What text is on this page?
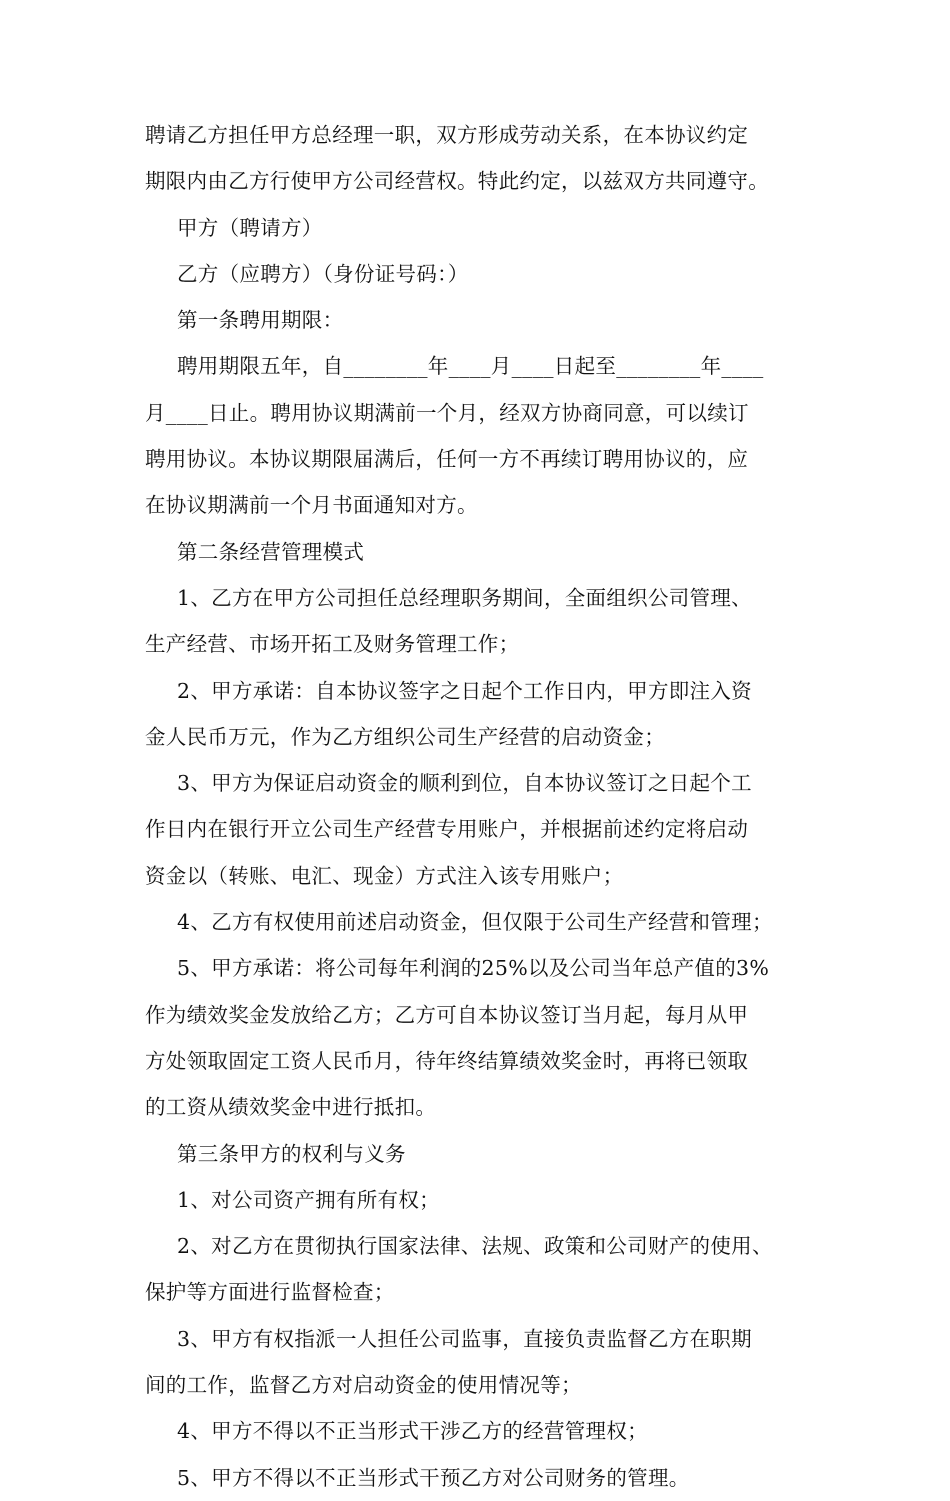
聘请乙方担任甲方总经理一职，双方形成劳动关系，在本协议约定
期限内由乙方行使甲方公司经营权。特此约定，以兹双方共同遵守。
甲方（聘请方）
乙方（应聘方）（身份证号码：）
第一条聘用期限：
聘用期限五年，自________年____月____日起至________年____
月____日止。聘用协议期满前一个月，经双方协商同意，可以续订
聘用协议。本协议期限届满后，任何一方不再续订聘用协议的，应
在协议期满前一个月书面通知对方。
第二条经营管理模式
1、乙方在甲方公司担任总经理职务期间，全面组织公司管理、
生产经营、市场开拓工及财务管理工作；
2、甲方承诺：自本协议签字之日起个工作日内，甲方即注入资
金人民币万元，作为乙方组织公司生产经营的启动资金；
3、甲方为保证启动资金的顺利到位，自本协议签订之日起个工
作日内在银行开立公司生产经营专用账户，并根据前述约定将启动
资金以（转账、电汇、现金）方式注入该专用账户；
4、乙方有权使用前述启动资金，但仅限于公司生产经营和管理；
5、甲方承诺：将公司每年利润的25%以及公司当年总产值的3%
作为绩效奖金发放给乙方；乙方可自本协议签订当月起，每月从甲
方处领取固定工资人民币月，待年终结算绩效奖金时，再将已领取
的工资从绩效奖金中进行抵扣。
第三条甲方的权利与义务
1、对公司资产拥有所有权；
2、对乙方在贯彻执行国家法律、法规、政策和公司财产的使用、
保护等方面进行监督检查；
3、甲方有权指派一人担任公司监事，直接负责监督乙方在职期
间的工作，监督乙方对启动资金的使用情况等；
4、甲方不得以不正当形式干涉乙方的经营管理权；
5、甲方不得以不正当形式干预乙方对公司财务的管理。
